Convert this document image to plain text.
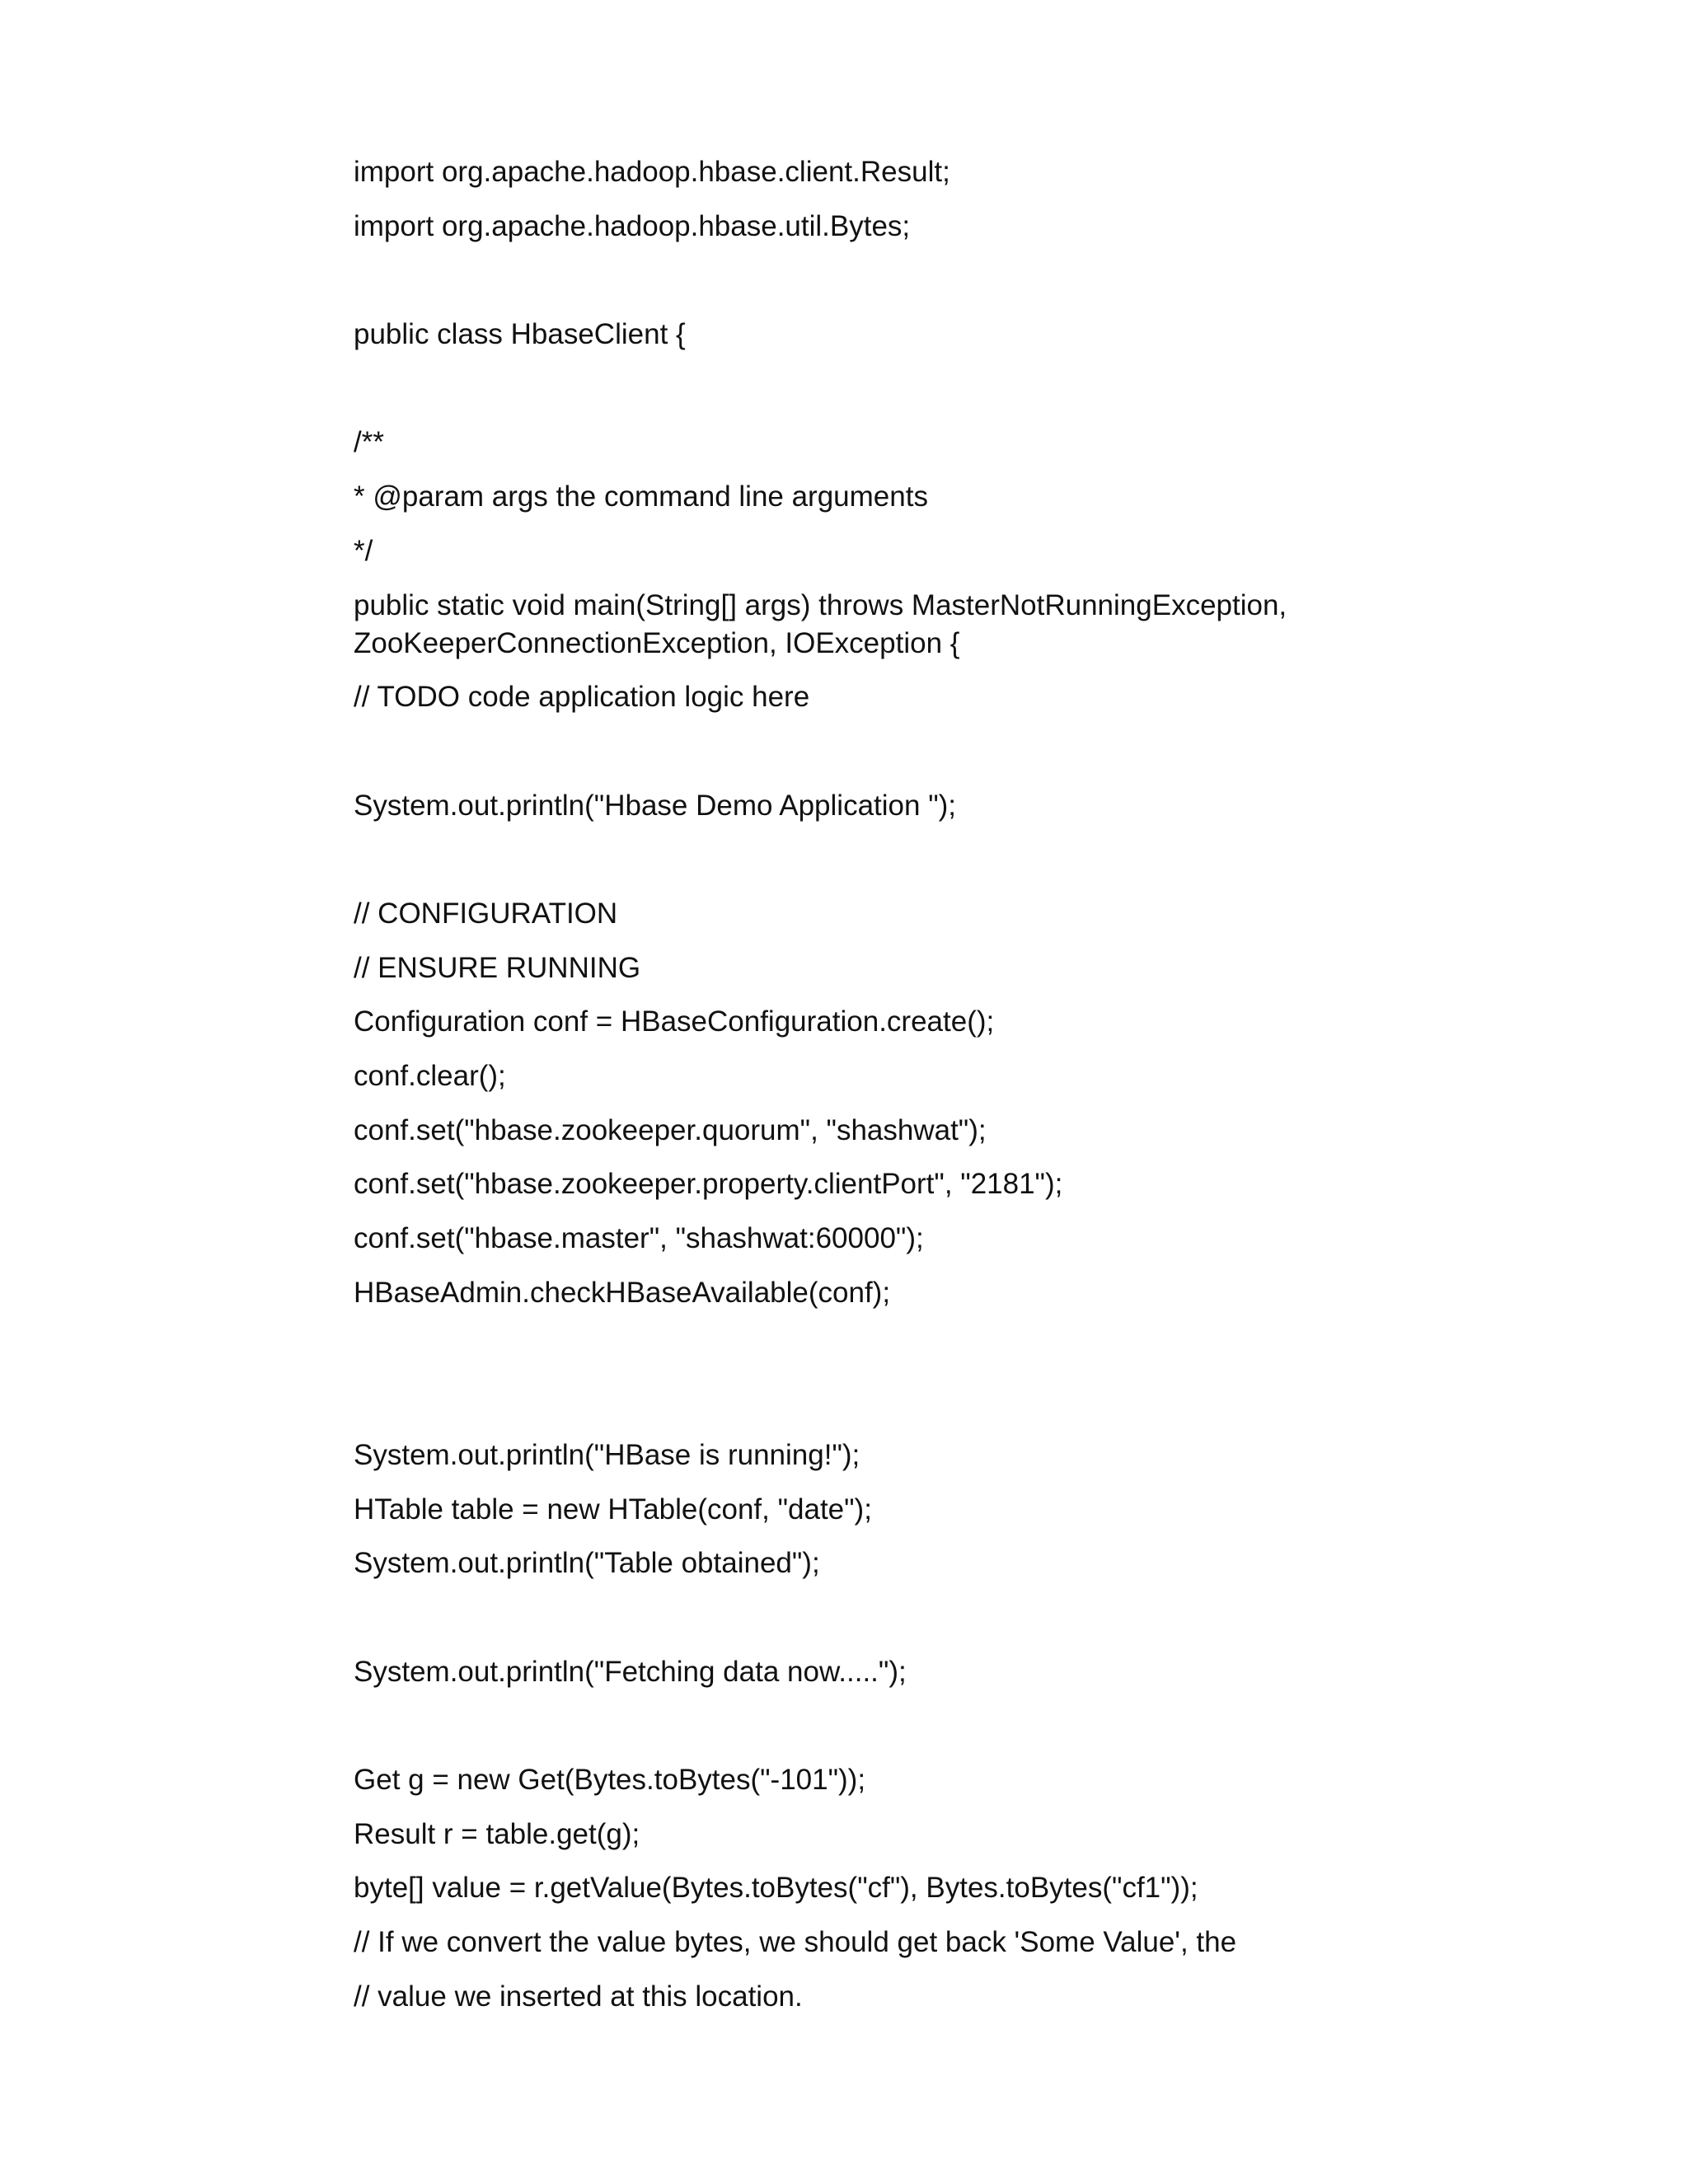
import org.apache.hadoop.hbase.client.Result;
import org.apache.hadoop.hbase.util.Bytes;
public class HbaseClient {
/**
* @param args the command line arguments
*/
public static void main(String[] args) throws MasterNotRunningException, ZooKeeperConnectionException, IOException {
// TODO code application logic here
System.out.println("Hbase Demo Application ");
// CONFIGURATION
// ENSURE RUNNING
Configuration conf = HBaseConfiguration.create();
conf.clear();
conf.set("hbase.zookeeper.quorum", "shashwat");
conf.set("hbase.zookeeper.property.clientPort", "2181");
conf.set("hbase.master", "shashwat:60000");
HBaseAdmin.checkHBaseAvailable(conf);
System.out.println("HBase is running!");
HTable table = new HTable(conf, "date");
System.out.println("Table obtained");
System.out.println("Fetching data now.....");
Get g = new Get(Bytes.toBytes("-101"));
Result r = table.get(g);
byte[] value = r.getValue(Bytes.toBytes("cf"), Bytes.toBytes("cf1"));
// If we convert the value bytes, we should get back 'Some Value', the
// value we inserted at this location.
